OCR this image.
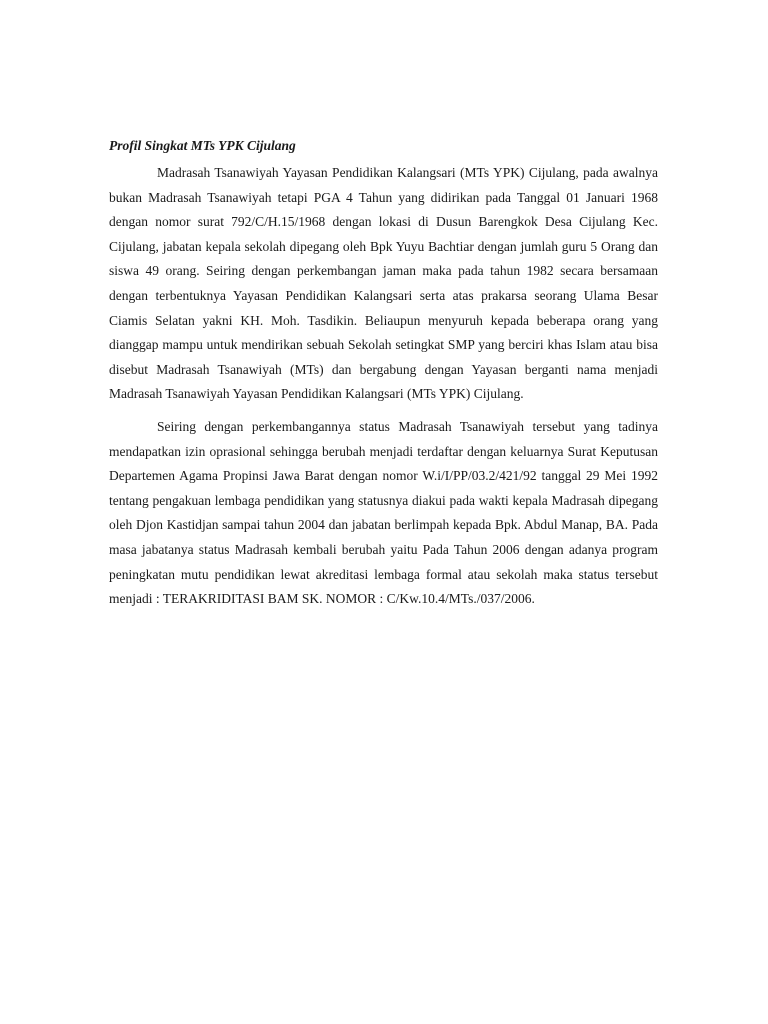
Profil Singkat MTs YPK Cijulang

Madrasah Tsanawiyah Yayasan Pendidikan Kalangsari (MTs YPK) Cijulang, pada awalnya bukan Madrasah Tsanawiyah tetapi PGA 4 Tahun yang didirikan pada Tanggal 01 Januari 1968 dengan nomor surat 792/C/H.15/1968 dengan lokasi di Dusun Barengkok Desa Cijulang Kec. Cijulang, jabatan kepala sekolah dipegang oleh Bpk Yuyu Bachtiar dengan jumlah guru 5 Orang dan siswa 49 orang. Seiring dengan perkembangan jaman maka pada tahun 1982 secara bersamaan dengan terbentuknya Yayasan Pendidikan Kalangsari serta atas prakarsa seorang Ulama Besar Ciamis Selatan yakni KH. Moh. Tasdikin. Beliaupun menyuruh kepada beberapa orang yang dianggap mampu untuk mendirikan sebuah Sekolah setingkat SMP yang berciri khas Islam atau bisa disebut Madrasah Tsanawiyah (MTs) dan bergabung dengan Yayasan berganti nama menjadi Madrasah Tsanawiyah Yayasan Pendidikan Kalangsari (MTs YPK) Cijulang.

Seiring dengan perkembangannya status Madrasah Tsanawiyah tersebut yang tadinya mendapatkan izin oprasional sehingga berubah menjadi terdaftar dengan keluarnya Surat Keputusan Departemen Agama Propinsi Jawa Barat dengan nomor W.i/I/PP/03.2/421/92 tanggal 29 Mei 1992 tentang pengakuan lembaga pendidikan yang statusnya diakui pada wakti kepala Madrasah dipegang oleh Djon Kastidjan sampai tahun 2004 dan jabatan berlimpah kepada Bpk. Abdul Manap, BA. Pada masa jabatanya status Madrasah kembali berubah yaitu Pada Tahun 2006 dengan adanya program peningkatan mutu pendidikan lewat akreditasi lembaga formal atau sekolah maka status tersebut menjadi : TERAKRIDITASI BAM SK. NOMOR : C/Kw.10.4/MTs./037/2006.
